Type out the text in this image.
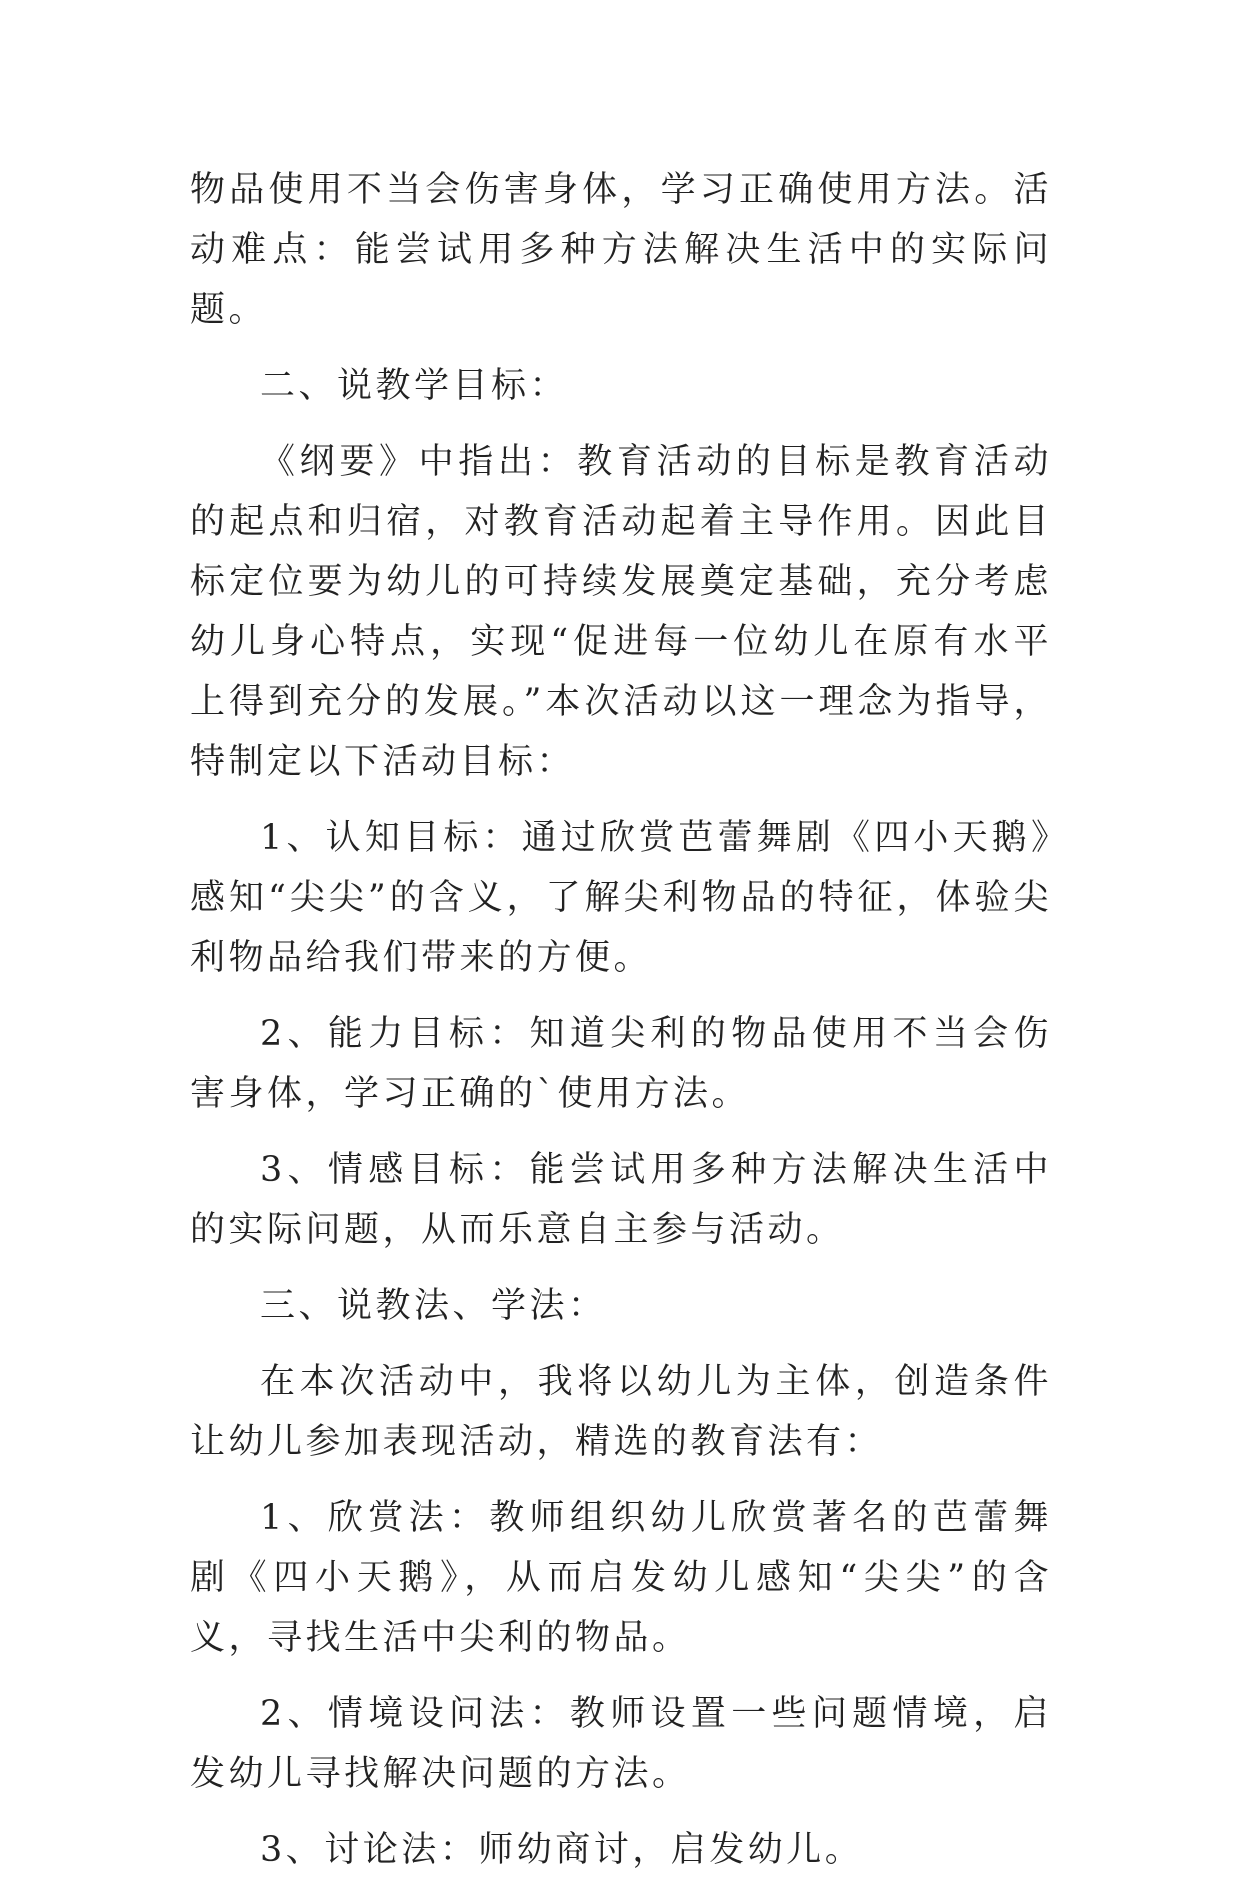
物品使用不当会伤害身体，学习正确使用方法。活动难点：能尝试用多种方法解决生活中的实际问题。

二、说教学目标：

《纲要》中指出：教育活动的目标是教育活动的起点和归宿，对教育活动起着主导作用。因此目标定位要为幼儿的可持续发展奠定基础，充分考虑幼儿身心特点，实现“促进每一位幼儿在原有水平上得到充分的发展。”本次活动以这一理念为指导，特制定以下活动目标：

1、认知目标：通过欣赏芭蕾舞剧《四小天鹅》感知“尖尖”的含义，了解尖利物品的特征，体验尖利物品给我们带来的方便。

2、能力目标：知道尖利的物品使用不当会伤害身体，学习正确的`使用方法。

3、情感目标：能尝试用多种方法解决生活中的实际问题，从而乐意自主参与活动。

三、说教法、学法：

在本次活动中，我将以幼儿为主体，创造条件让幼儿参加表现活动，精选的教育法有：

1、欣赏法：教师组织幼儿欣赏著名的芭蕾舞剧《四小天鹅》，从而启发幼儿感知“尖尖”的含义，寻找生活中尖利的物品。

2、情境设问法：教师设置一些问题情境，启发幼儿寻找解决问题的方法。

3、讨论法：师幼商讨，启发幼儿。
